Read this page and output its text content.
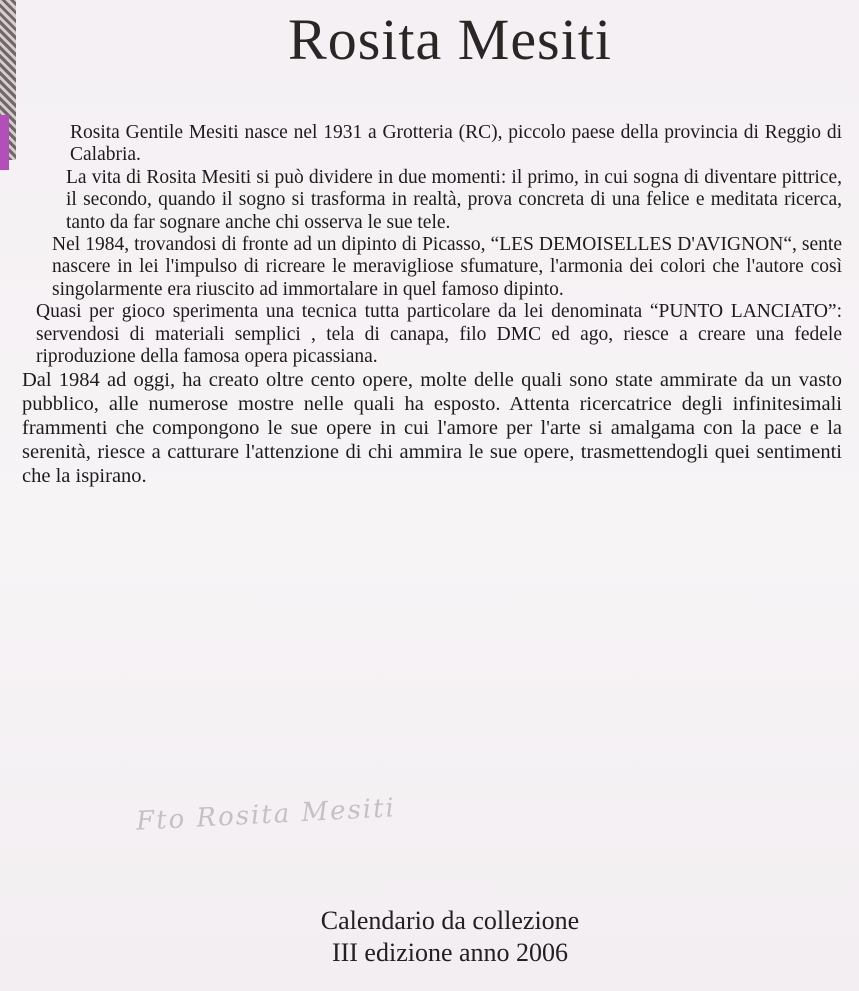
Rosita Mesiti

Rosita Gentile Mesiti nasce nel 1931 a Grotteria (RC), piccolo paese della provincia di Reggio di Calabria.

La vita di Rosita Mesiti si può dividere in due momenti: il primo, in cui sogna di diventare pittrice, il secondo, quando il sogno si trasforma in realtà, prova concreta di una felice e meditata ricerca, tanto da far sognare anche chi osserva le sue tele.

Nel 1984, trovandosi di fronte ad un dipinto di Picasso, “LES DEMOISELLES D'AVIGNON“, sente nascere in lei l'impulso di ricreare le meravigliose sfumature, l'armonia dei colori che l'autore così singolarmente era riuscito ad immortalare in quel famoso dipinto.

Quasi per gioco sperimenta una tecnica tutta particolare da lei denominata “PUNTO LANCIATO”: servendosi di materiali semplici , tela di canapa, filo DMC ed ago, riesce a creare una fedele riproduzione della famosa opera picassiana.

Dal 1984 ad oggi, ha creato oltre cento opere, molte delle quali sono state ammirate da un vasto pubblico, alle numerose mostre nelle quali ha esposto. Attenta ricercatrice degli infinitesimali frammenti che compongono le sue opere in cui l'amore per l'arte si amalgama con la pace e la serenità, riesce a catturare l'attenzione di chi ammira le sue opere, trasmettendogli quei sentimenti che la ispirano.

Fto Rosita Mesiti
Calendario da collezione
III edizione anno 2006
